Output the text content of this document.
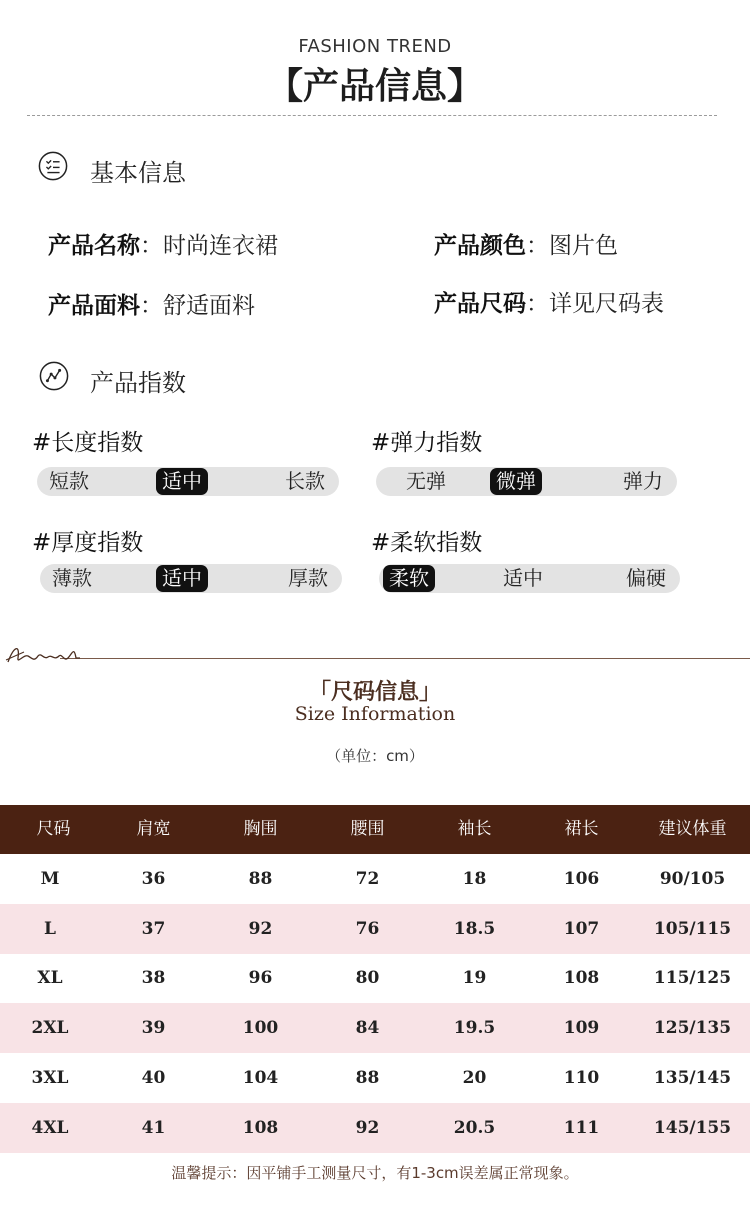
FASHION TREND
【产品信息】
基本信息
产品名称：时尚连衣裙	产品颜色：图片色
产品面料：舒适面料	产品尺码：详见尺码表
产品指数
#长度指数
短款	适中	长款
#弹力指数
无弹	微弹	弹力
#厚度指数
薄款	适中	厚款
#柔软指数
柔软	适中	偏硬
「尺码信息」
Size Information
（单位：cm）
尺码	肩宽	胸围	腰围	袖长	裙长	建议体重
M	36	88	72	18	106	90/105
L	37	92	76	18.5	107	105/115
XL	38	96	80	19	108	115/125
2XL	39	100	84	19.5	109	125/135
3XL	40	104	88	20	110	135/145
4XL	41	108	92	20.5	111	145/155
温馨提示：因平铺手工测量尺寸，有1-3cm误差属正常现象。
